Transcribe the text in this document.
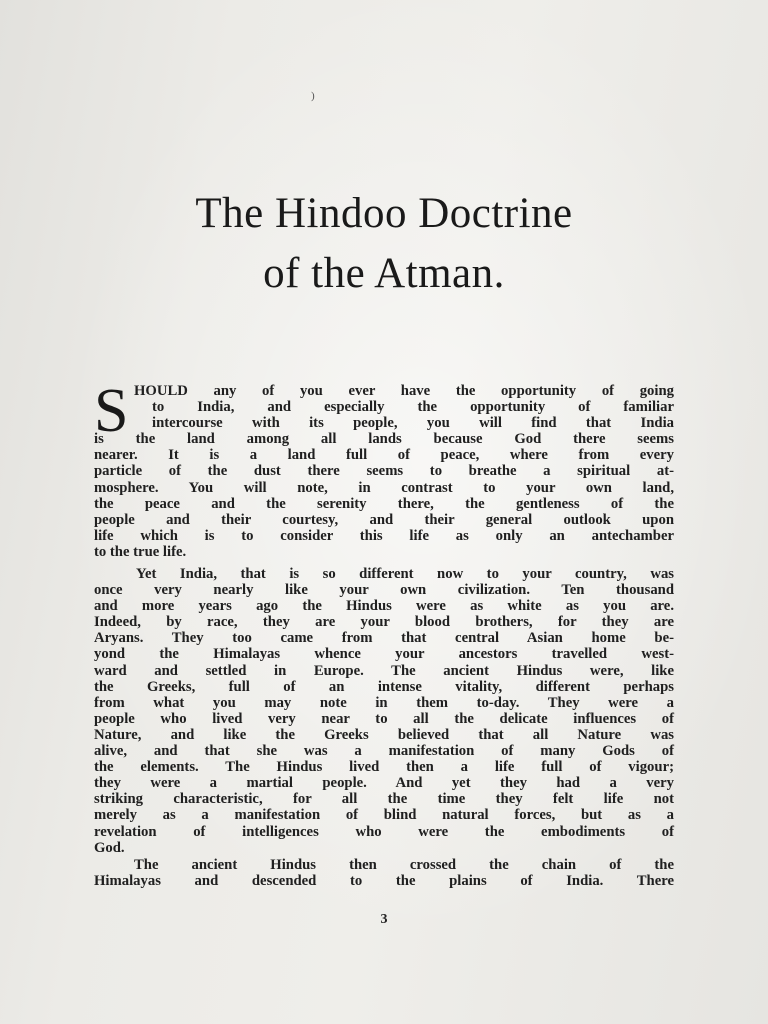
)
The Hindoo Doctrine
of the Atman.
S HOULD any of you ever have the opportunity of going
to India, and especially the opportunity of familiar
intercourse with its people, you will find that India
is the land among all lands because God there seems
nearer. It is a land full of peace, where from every
particle of the dust there seems to breathe a spiritual at-
mosphere. You will note, in contrast to your own land,
the peace and the serenity there, the gentleness of the
people and their courtesy, and their general outlook upon
life which is to consider this life as only an antechamber
to the true life.
Yet India, that is so different now to your country, was
once very nearly like your own civilization. Ten thousand
and more years ago the Hindus were as white as you are.
Indeed, by race, they are your blood brothers, for they are
Aryans. They too came from that central Asian home be-
yond the Himalayas whence your ancestors travelled west-
ward and settled in Europe. The ancient Hindus were, like
the Greeks, full of an intense vitality, different perhaps
from what you may note in them to-day. They were a
people who lived very near to all the delicate influences of
Nature, and like the Greeks believed that all Nature was
alive, and that she was a manifestation of many Gods of
the elements. The Hindus lived then a life full of vigour;
they were a martial people. And yet they had a very
striking characteristic, for all the time they felt life not
merely as a manifestation of blind natural forces, but as a
revelation of intelligences who were the embodiments of
God.
The ancient Hindus then crossed the chain of the
Himalayas and descended to the plains of India. There
3
